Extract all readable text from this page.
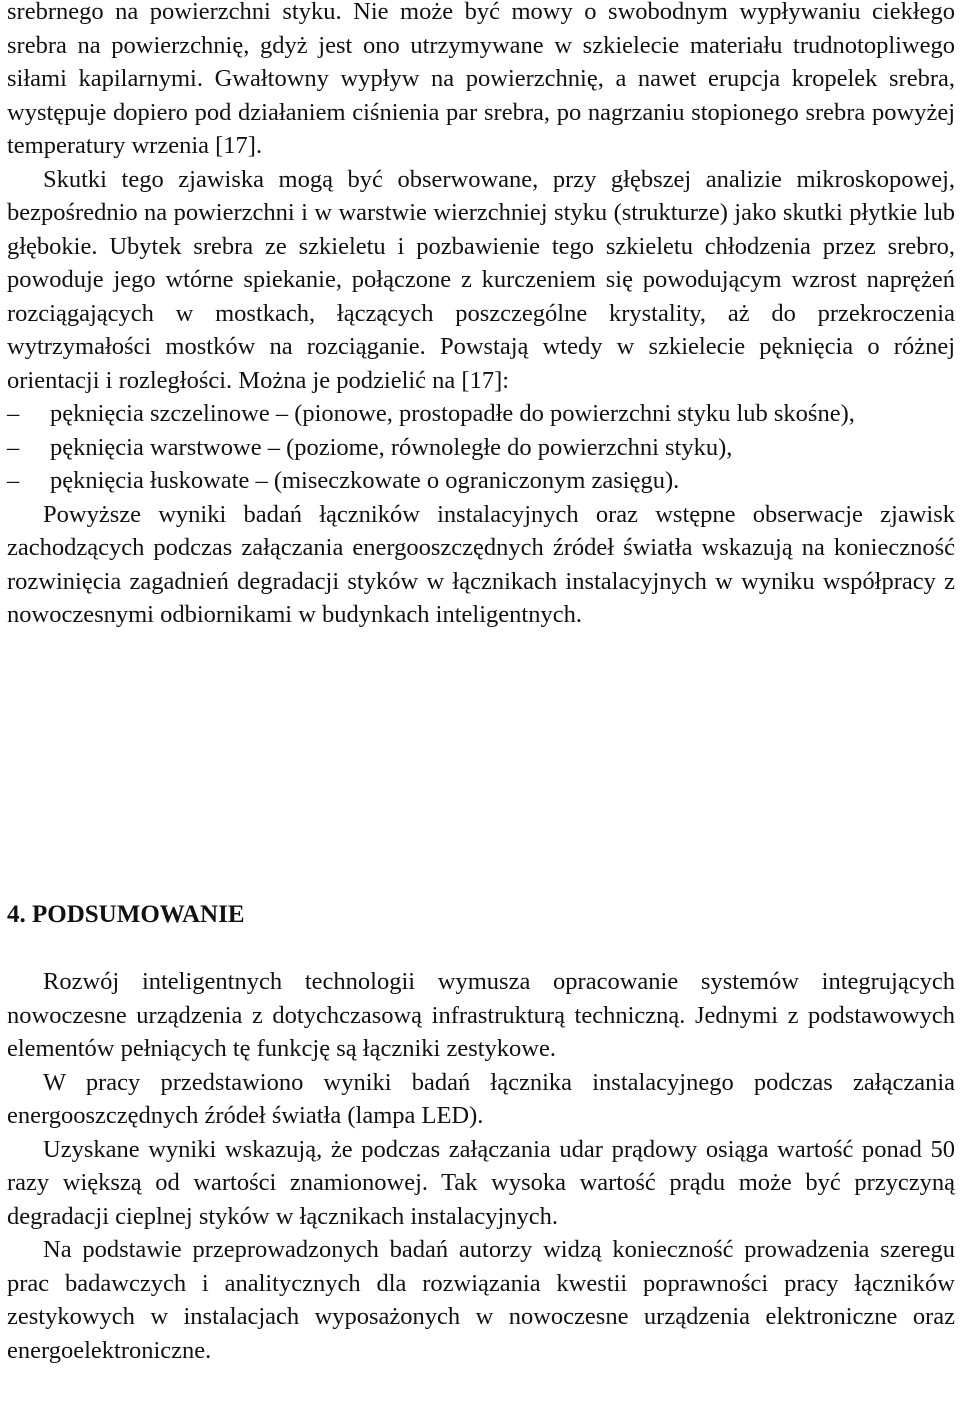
srebrnego na powierzchni styku. Nie może być mowy o swobodnym wypływaniu ciekłego srebra na powierzchnię, gdyż jest ono utrzymywane w szkielecie materiału trudnotopliwego siłami kapilarnymi. Gwałtowny wypływ na powierzchnię, a nawet erupcja kropelek srebra, występuje dopiero pod działaniem ciśnienia par srebra, po nagrzaniu stopionego srebra powyżej temperatury wrzenia [17].

Skutki tego zjawiska mogą być obserwowane, przy głębszej analizie mikroskopowej, bezpośrednio na powierzchni i w warstwie wierzchniej styku (strukturze) jako skutki płytkie lub głębokie. Ubytek srebra ze szkieletu i pozbawienie tego szkieletu chłodzenia przez srebro, powoduje jego wtórne spiekanie, połączone z kurczeniem się powodującym wzrost naprężeń rozciągających w mostkach, łączących poszczególne krystality, aż do przekroczenia wytrzymałości mostków na rozciąganie. Powstają wtedy w szkielecie pęknięcia o różnej orientacji i rozległości. Można je podzielić na [17]:

–	pęknięcia szczelinowe – (pionowe, prostopadłe do powierzchni styku lub skośne),
–	pęknięcia warstwowe – (poziome, równoległe do powierzchni styku),
–	pęknięcia łuskowate – (miseczkowate o ograniczonym zasięgu).

Powyższe wyniki badań łączników instalacyjnych oraz wstępne obserwacje zjawisk zachodzących podczas załączania energooszczędnych źródeł światła wskazują na konieczność rozwinięcia zagadnień degradacji styków w łącznikach instalacyjnych w wyniku współpracy z nowoczesnymi odbiornikami w budynkach inteligentnych.

4. PODSUMOWANIE

Rozwój inteligentnych technologii wymusza opracowanie systemów integrujących nowoczesne urządzenia z dotychczasową infrastrukturą techniczną. Jednymi z podstawowych elementów pełniących tę funkcję są łączniki zestykowe.

W pracy przedstawiono wyniki badań łącznika instalacyjnego podczas załączania energooszczędnych źródeł światła (lampa LED).

Uzyskane wyniki wskazują, że podczas załączania udar prądowy osiąga wartość ponad 50 razy większą od wartości znamionowej. Tak wysoka wartość prądu może być przyczyną degradacji cieplnej styków w łącznikach instalacyjnych.

Na podstawie przeprowadzonych badań autorzy widzą konieczność prowadzenia szeregu prac badawczych i analitycznych dla rozwiązania kwestii poprawności pracy łączników zestykowych w instalacjach wyposażonych w nowoczesne urządzenia elektroniczne oraz energoelektroniczne.
